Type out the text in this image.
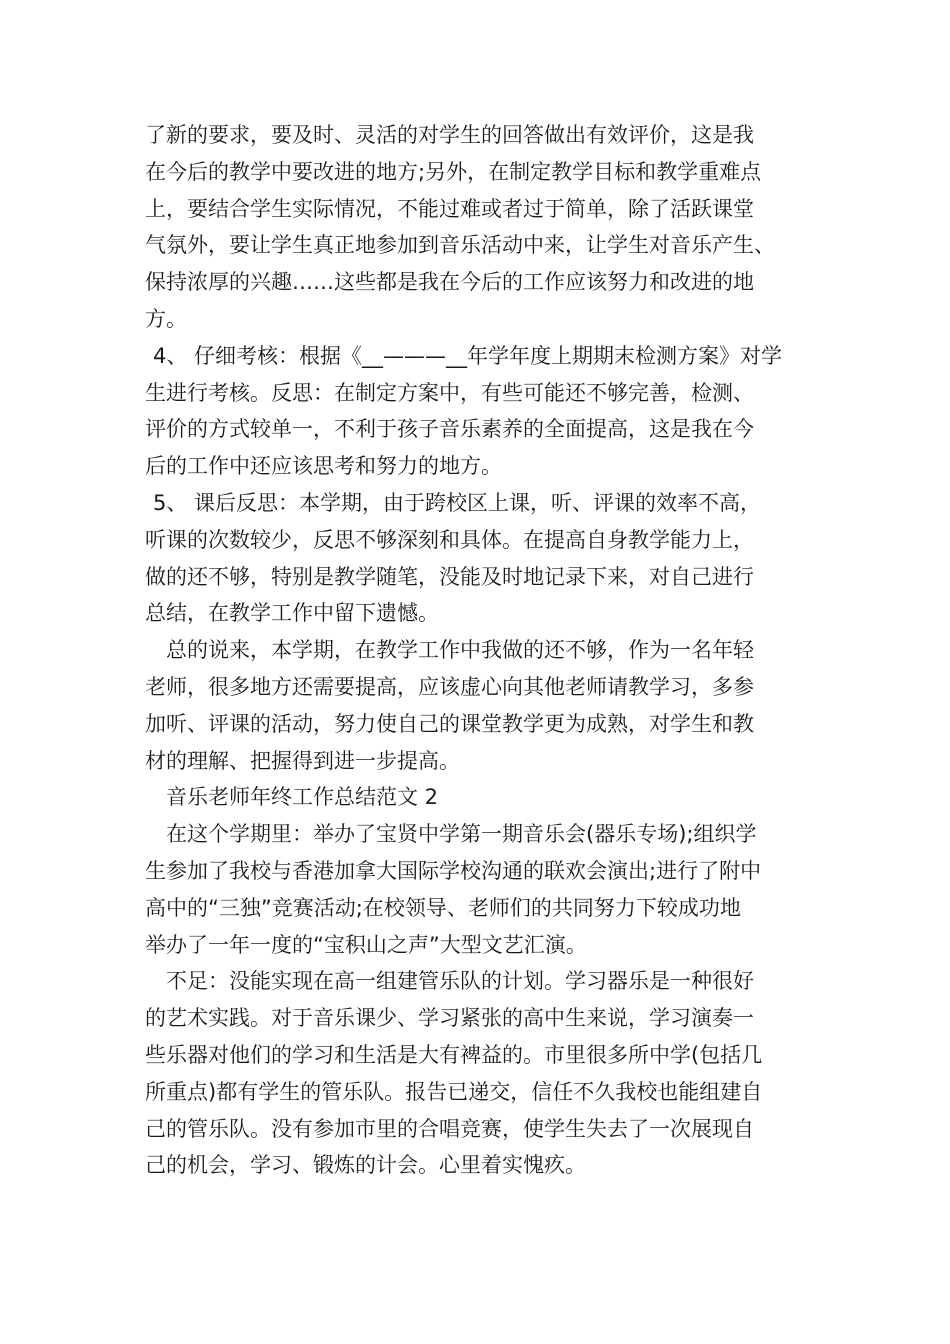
了新的要求，要及时、灵活的对学生的回答做出有效评价，这是我
在今后的教学中要改进的地方;另外，在制定教学目标和教学重难点
上，要结合学生实际情况，不能过难或者过于简单，除了活跃课堂
气氛外，要让学生真正地参加到音乐活动中来，让学生对音乐产生、
保持浓厚的兴趣……这些都是我在今后的工作应该努力和改进的地
方。
4、 仔细考核：根据《__———__年学年度上期期末检测方案》对学
生进行考核。反思：在制定方案中，有些可能还不够完善，检测、
评价的方式较单一，不利于孩子音乐素养的全面提高，这是我在今
后的工作中还应该思考和努力的地方。
5、 课后反思：本学期，由于跨校区上课，听、评课的效率不高，
听课的次数较少，反思不够深刻和具体。在提高自身教学能力上，
做的还不够，特别是教学随笔，没能及时地记录下来，对自己进行
总结，在教学工作中留下遗憾。
总的说来，本学期，在教学工作中我做的还不够，作为一名年轻
老师，很多地方还需要提高，应该虚心向其他老师请教学习，多参
加听、评课的活动，努力使自己的课堂教学更为成熟，对学生和教
材的理解、把握得到进一步提高。
音乐老师年终工作总结范文 2
在这个学期里：举办了宝贤中学第一期音乐会(器乐专场);组织学
生参加了我校与香港加拿大国际学校沟通的联欢会演出;进行了附中
高中的“三独”竞赛活动;在校领导、老师们的共同努力下较成功地
举办了一年一度的“宝积山之声”大型文艺汇演。
不足：没能实现在高一组建管乐队的计划。学习器乐是一种很好
的艺术实践。对于音乐课少、学习紧张的高中生来说，学习演奏一
些乐器对他们的学习和生活是大有裨益的。市里很多所中学(包括几
所重点)都有学生的管乐队。报告已递交，信任不久我校也能组建自
己的管乐队。没有参加市里的合唱竞赛，使学生失去了一次展现自
己的机会，学习、锻炼的计会。心里着实愧疚。
